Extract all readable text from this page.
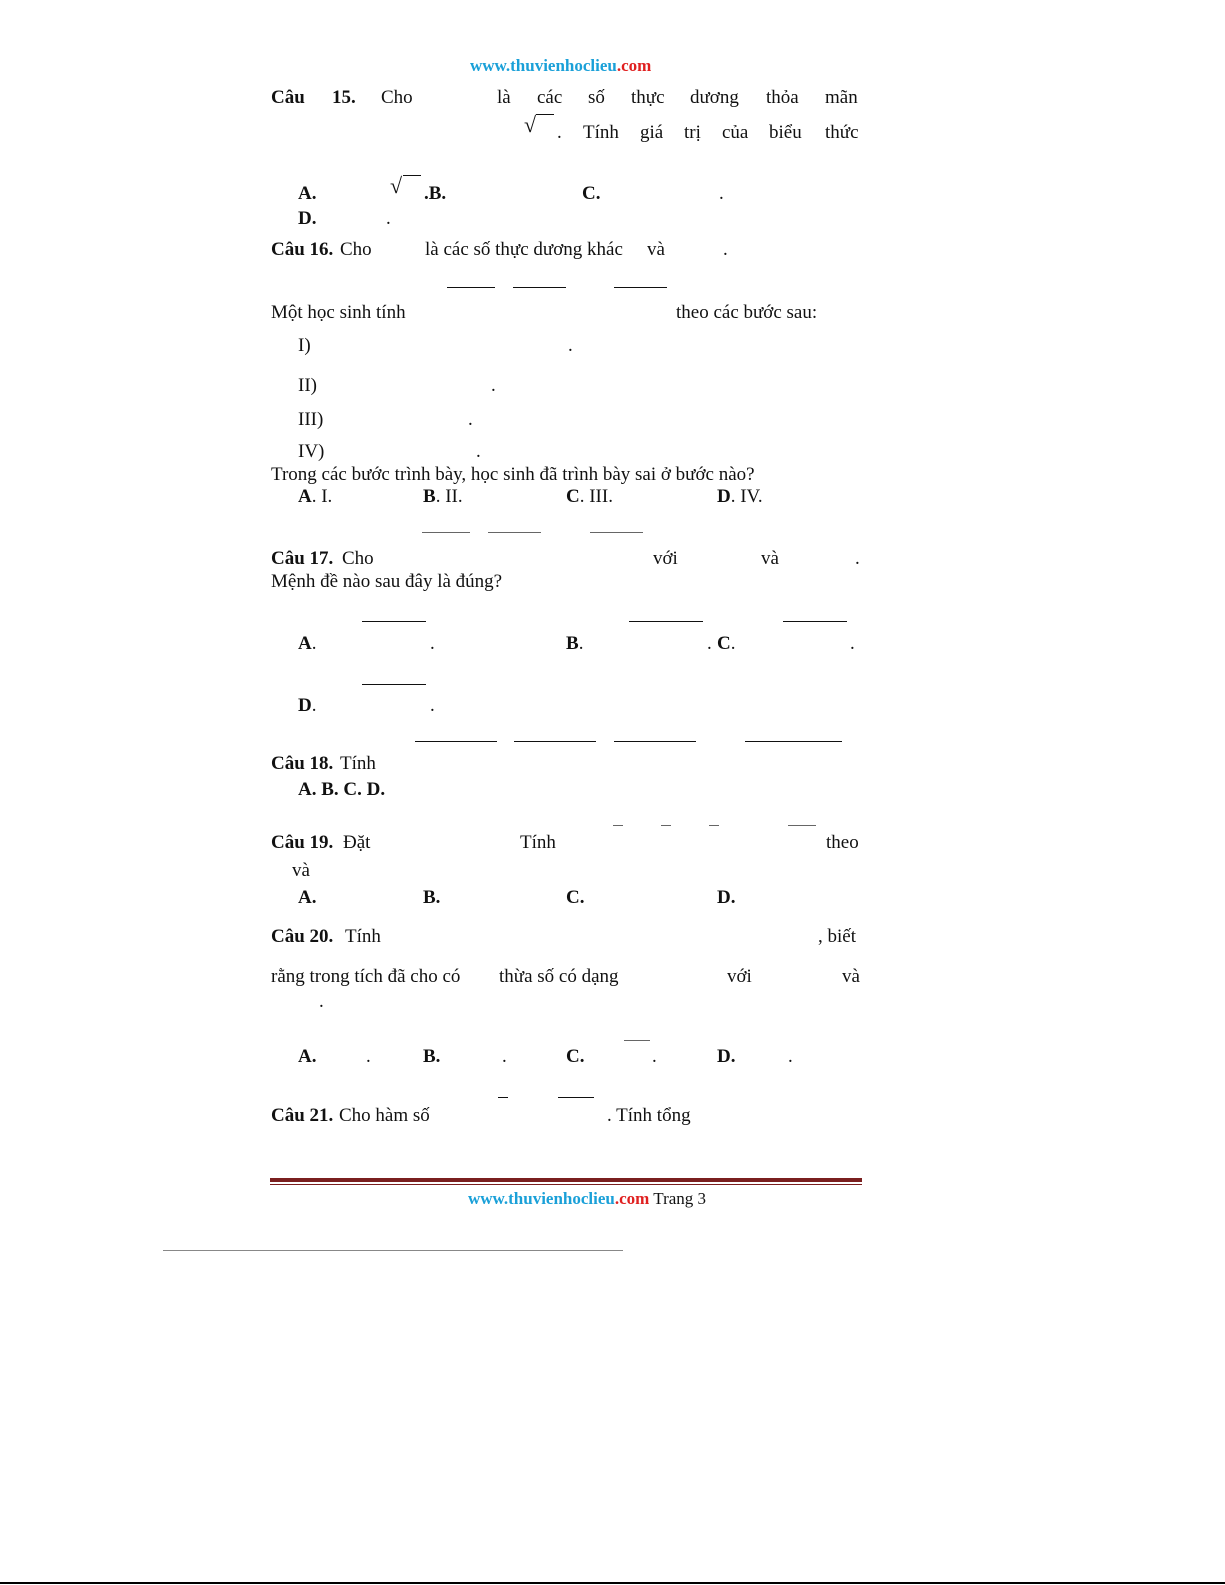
www.thuvienhoclieu.com
Câu 15. Cho	là các số thực dương thỏa mãn
√ . Tính giá trị của biểu thức
A.	√ .B.	C.	.
D.	.
Câu 16. Cho	là các số thực dương khác và	.
Một học sinh tính	theo các bước sau:
I)	.
II)	.
III)	.
IV)	.
Trong các bước trình bày, học sinh đã trình bày sai ở bước nào?
A. I.	B. II.	C. III.	D. IV.
Câu 17. Cho	với	và	.
Mệnh đề nào sau đây là đúng?
A.	.	B.	. C.	.
D.	.
Câu 18. Tính
A. B. C. D.
Câu 19. Đặt	Tính	theo
và
A.	B.	C.	D.
Câu 20. Tính	, biết
rằng trong tích đã cho có thừa số có dạng	với	và
.
A.	.	B.	.	C.	.	D.	.
Câu 21. Cho hàm số	. Tính tổng
www.thuvienhoclieu.com Trang 3
